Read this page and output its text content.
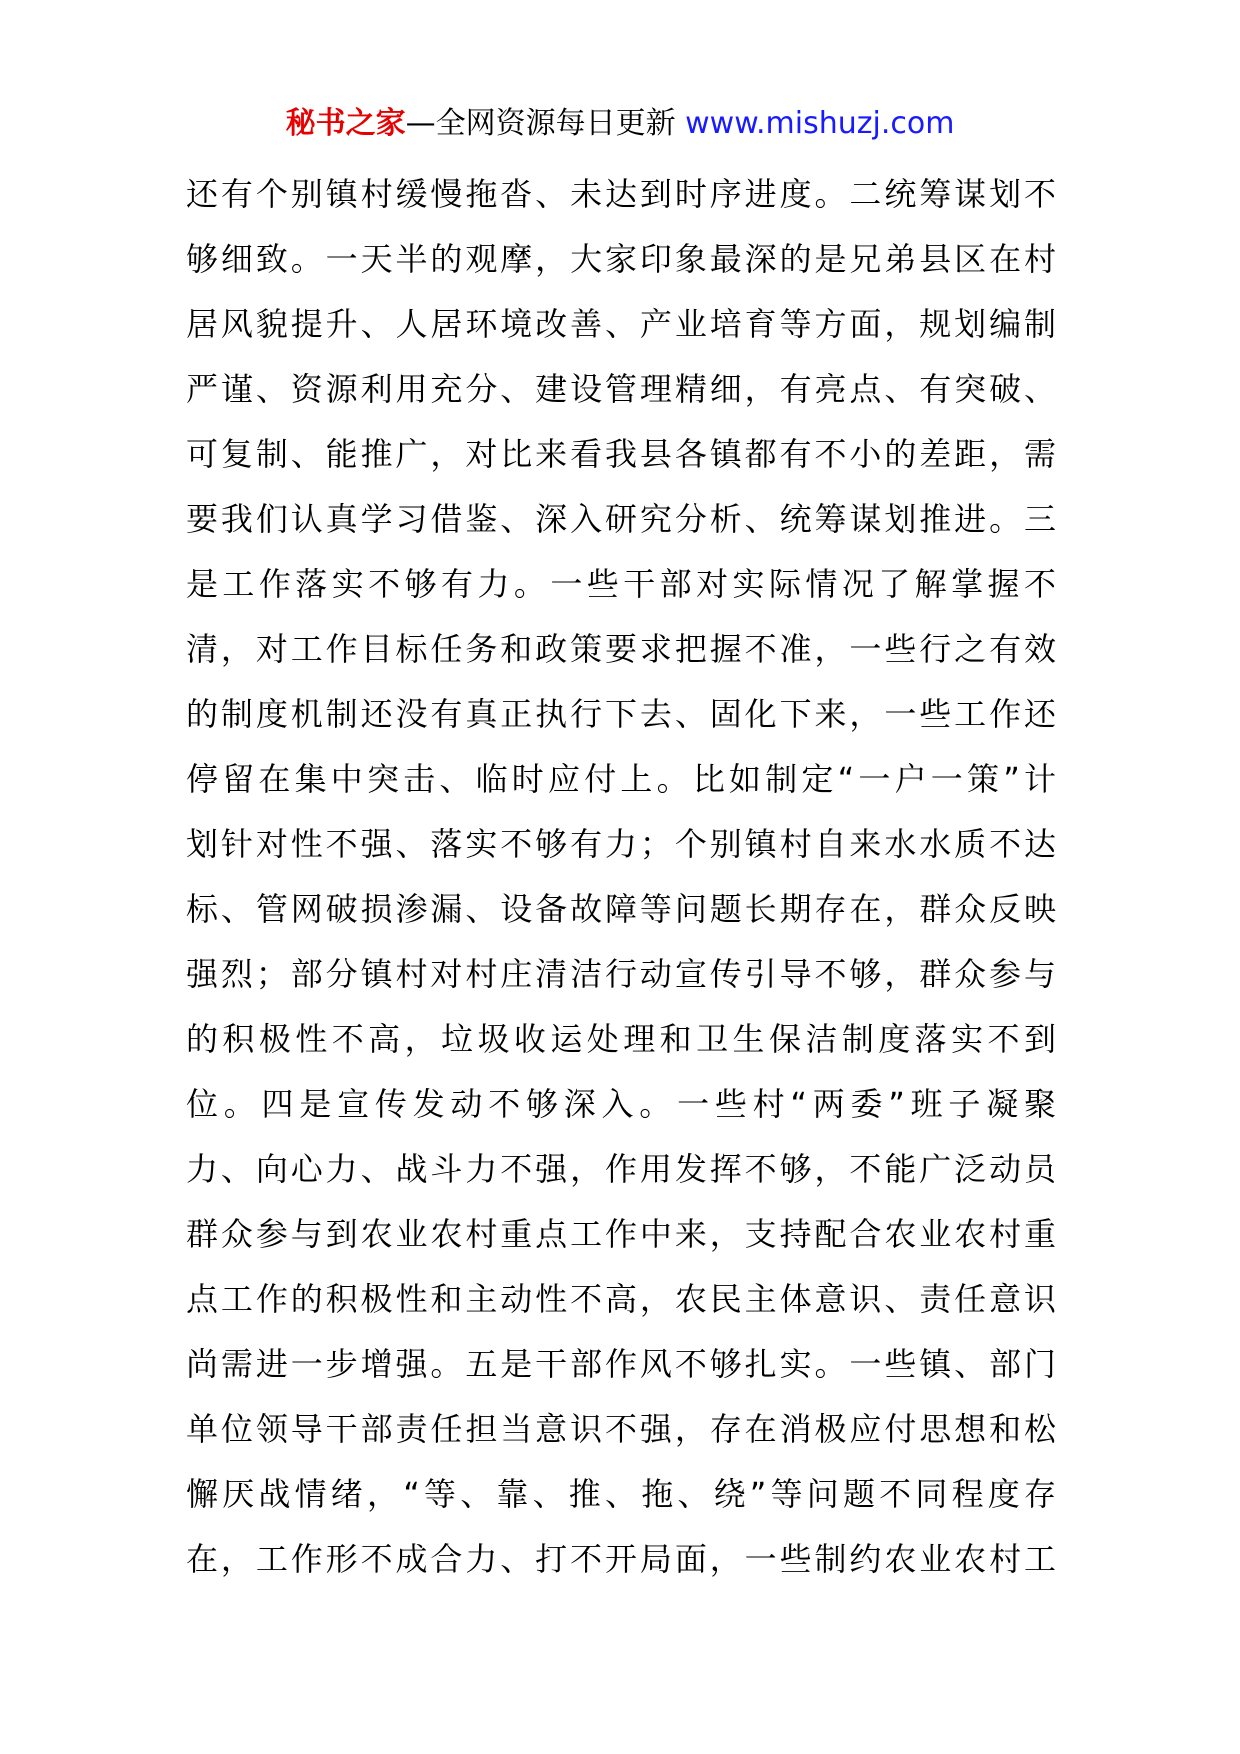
秘书之家—全网资源每日更新 www.mishuzj.com
还有个别镇村缓慢拖沓、未达到时序进度。二统筹谋划不
够细致。一天半的观摩，大家印象最深的是兄弟县区在村
居风貌提升、人居环境改善、产业培育等方面，规划编制
严谨、资源利用充分、建设管理精细，有亮点、有突破、
可复制、能推广，对比来看我县各镇都有不小的差距，需
要我们认真学习借鉴、深入研究分析、统筹谋划推进。三
是工作落实不够有力。一些干部对实际情况了解掌握不
清，对工作目标任务和政策要求把握不准，一些行之有效
的制度机制还没有真正执行下去、固化下来，一些工作还
停留在集中突击、临时应付上。比如制定“一户一策”计
划针对性不强、落实不够有力；个别镇村自来水水质不达
标、管网破损渗漏、设备故障等问题长期存在，群众反映
强烈；部分镇村对村庄清洁行动宣传引导不够，群众参与
的积极性不高，垃圾收运处理和卫生保洁制度落实不到
位。四是宣传发动不够深入。一些村“两委”班子凝聚
力、向心力、战斗力不强，作用发挥不够，不能广泛动员
群众参与到农业农村重点工作中来，支持配合农业农村重
点工作的积极性和主动性不高，农民主体意识、责任意识
尚需进一步增强。五是干部作风不够扎实。一些镇、部门
单位领导干部责任担当意识不强，存在消极应付思想和松
懈厌战情绪，“等、靠、推、拖、绕”等问题不同程度存
在，工作形不成合力、打不开局面，一些制约农业农村工
